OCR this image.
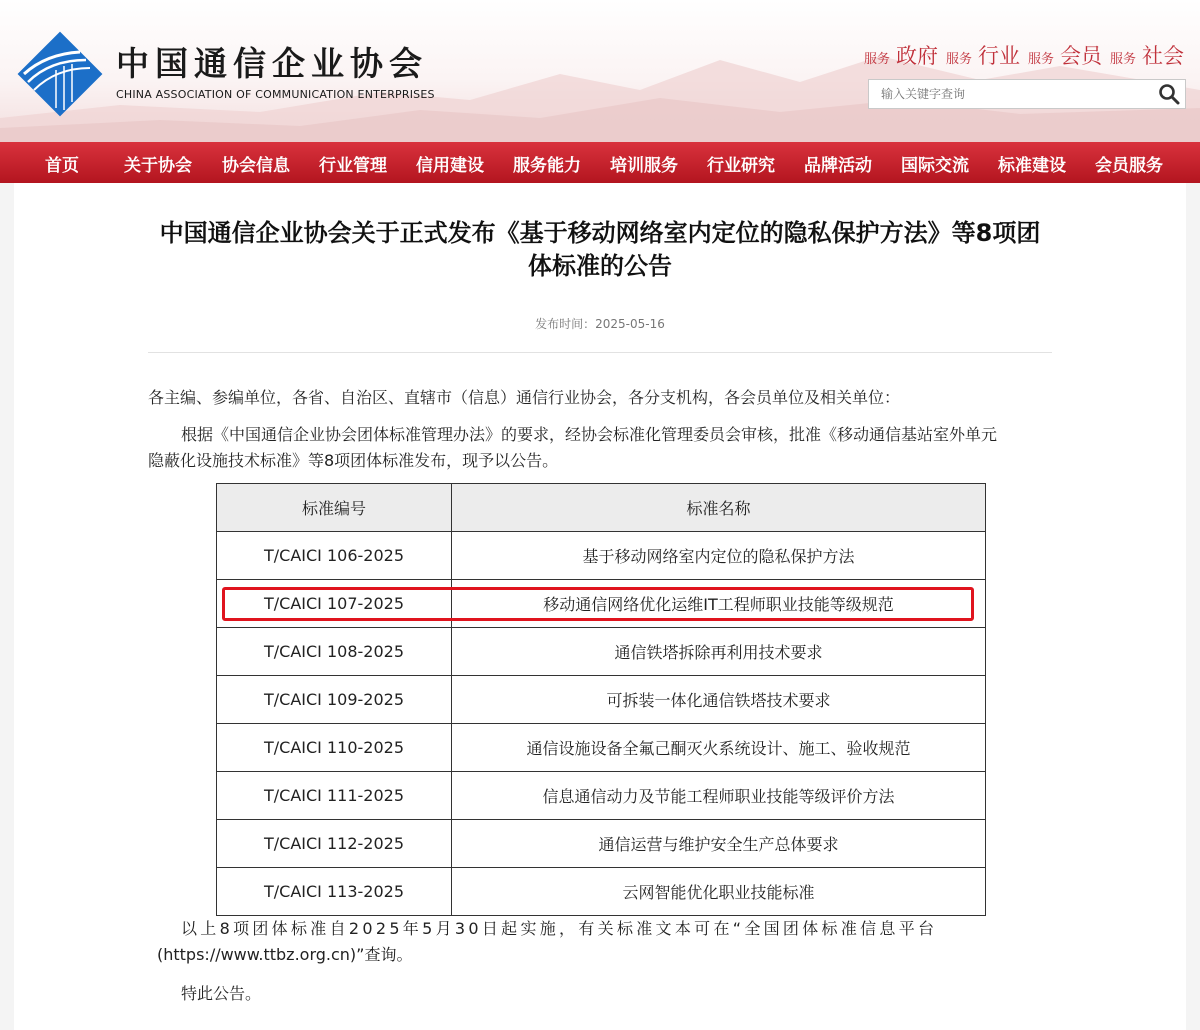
中国通信企业协会
CHINA ASSOCIATION OF COMMUNICATION ENTERPRISES
服务 政府 服务 行业 服务 会员 服务 社会
输入关键字查询
首页	关于协会 协会信息 行业管理 信用建设 服务能力 培训服务 行业研究 品牌活动 国际交流 标准建设 会员服务
中国通信企业协会关于正式发布《基于移动网络室内定位的隐私保护方法》等8项团
体标准的公告
发布时间：2025-05-16
各主编、参编单位，各省、自治区、直辖市（信息）通信行业协会，各分支机构，各会员单位及相关单位：
根据《中国通信企业协会团体标准管理办法》的要求，经协会标准化管理委员会审核，批准《移动通信基站室外单元
隐蔽化设施技术标准》等8项团体标准发布，现予以公告。
标准编号	标准名称
T/CAICI 106-2025	基于移动网络室内定位的隐私保护方法
T/CAICI 107-2025	移动通信网络优化运维IT工程师职业技能等级规范
T/CAICI 108-2025	通信铁塔拆除再利用技术要求
T/CAICI 109-2025	可拆装一体化通信铁塔技术要求
T/CAICI 110-2025	通信设施设备全氟己酮灭火系统设计、施工、验收规范
T/CAICI 111-2025	信息通信动力及节能工程师职业技能等级评价方法
T/CAICI 112-2025	通信运营与维护安全生产总体要求
T/CAICI 113-2025	云网智能优化职业技能标准
以上8项团体标准自2025年5月30日起实施，有关标准文本可在“全国团体标准信息平台
(https://www.ttbz.org.cn)”查询。
特此公告。
